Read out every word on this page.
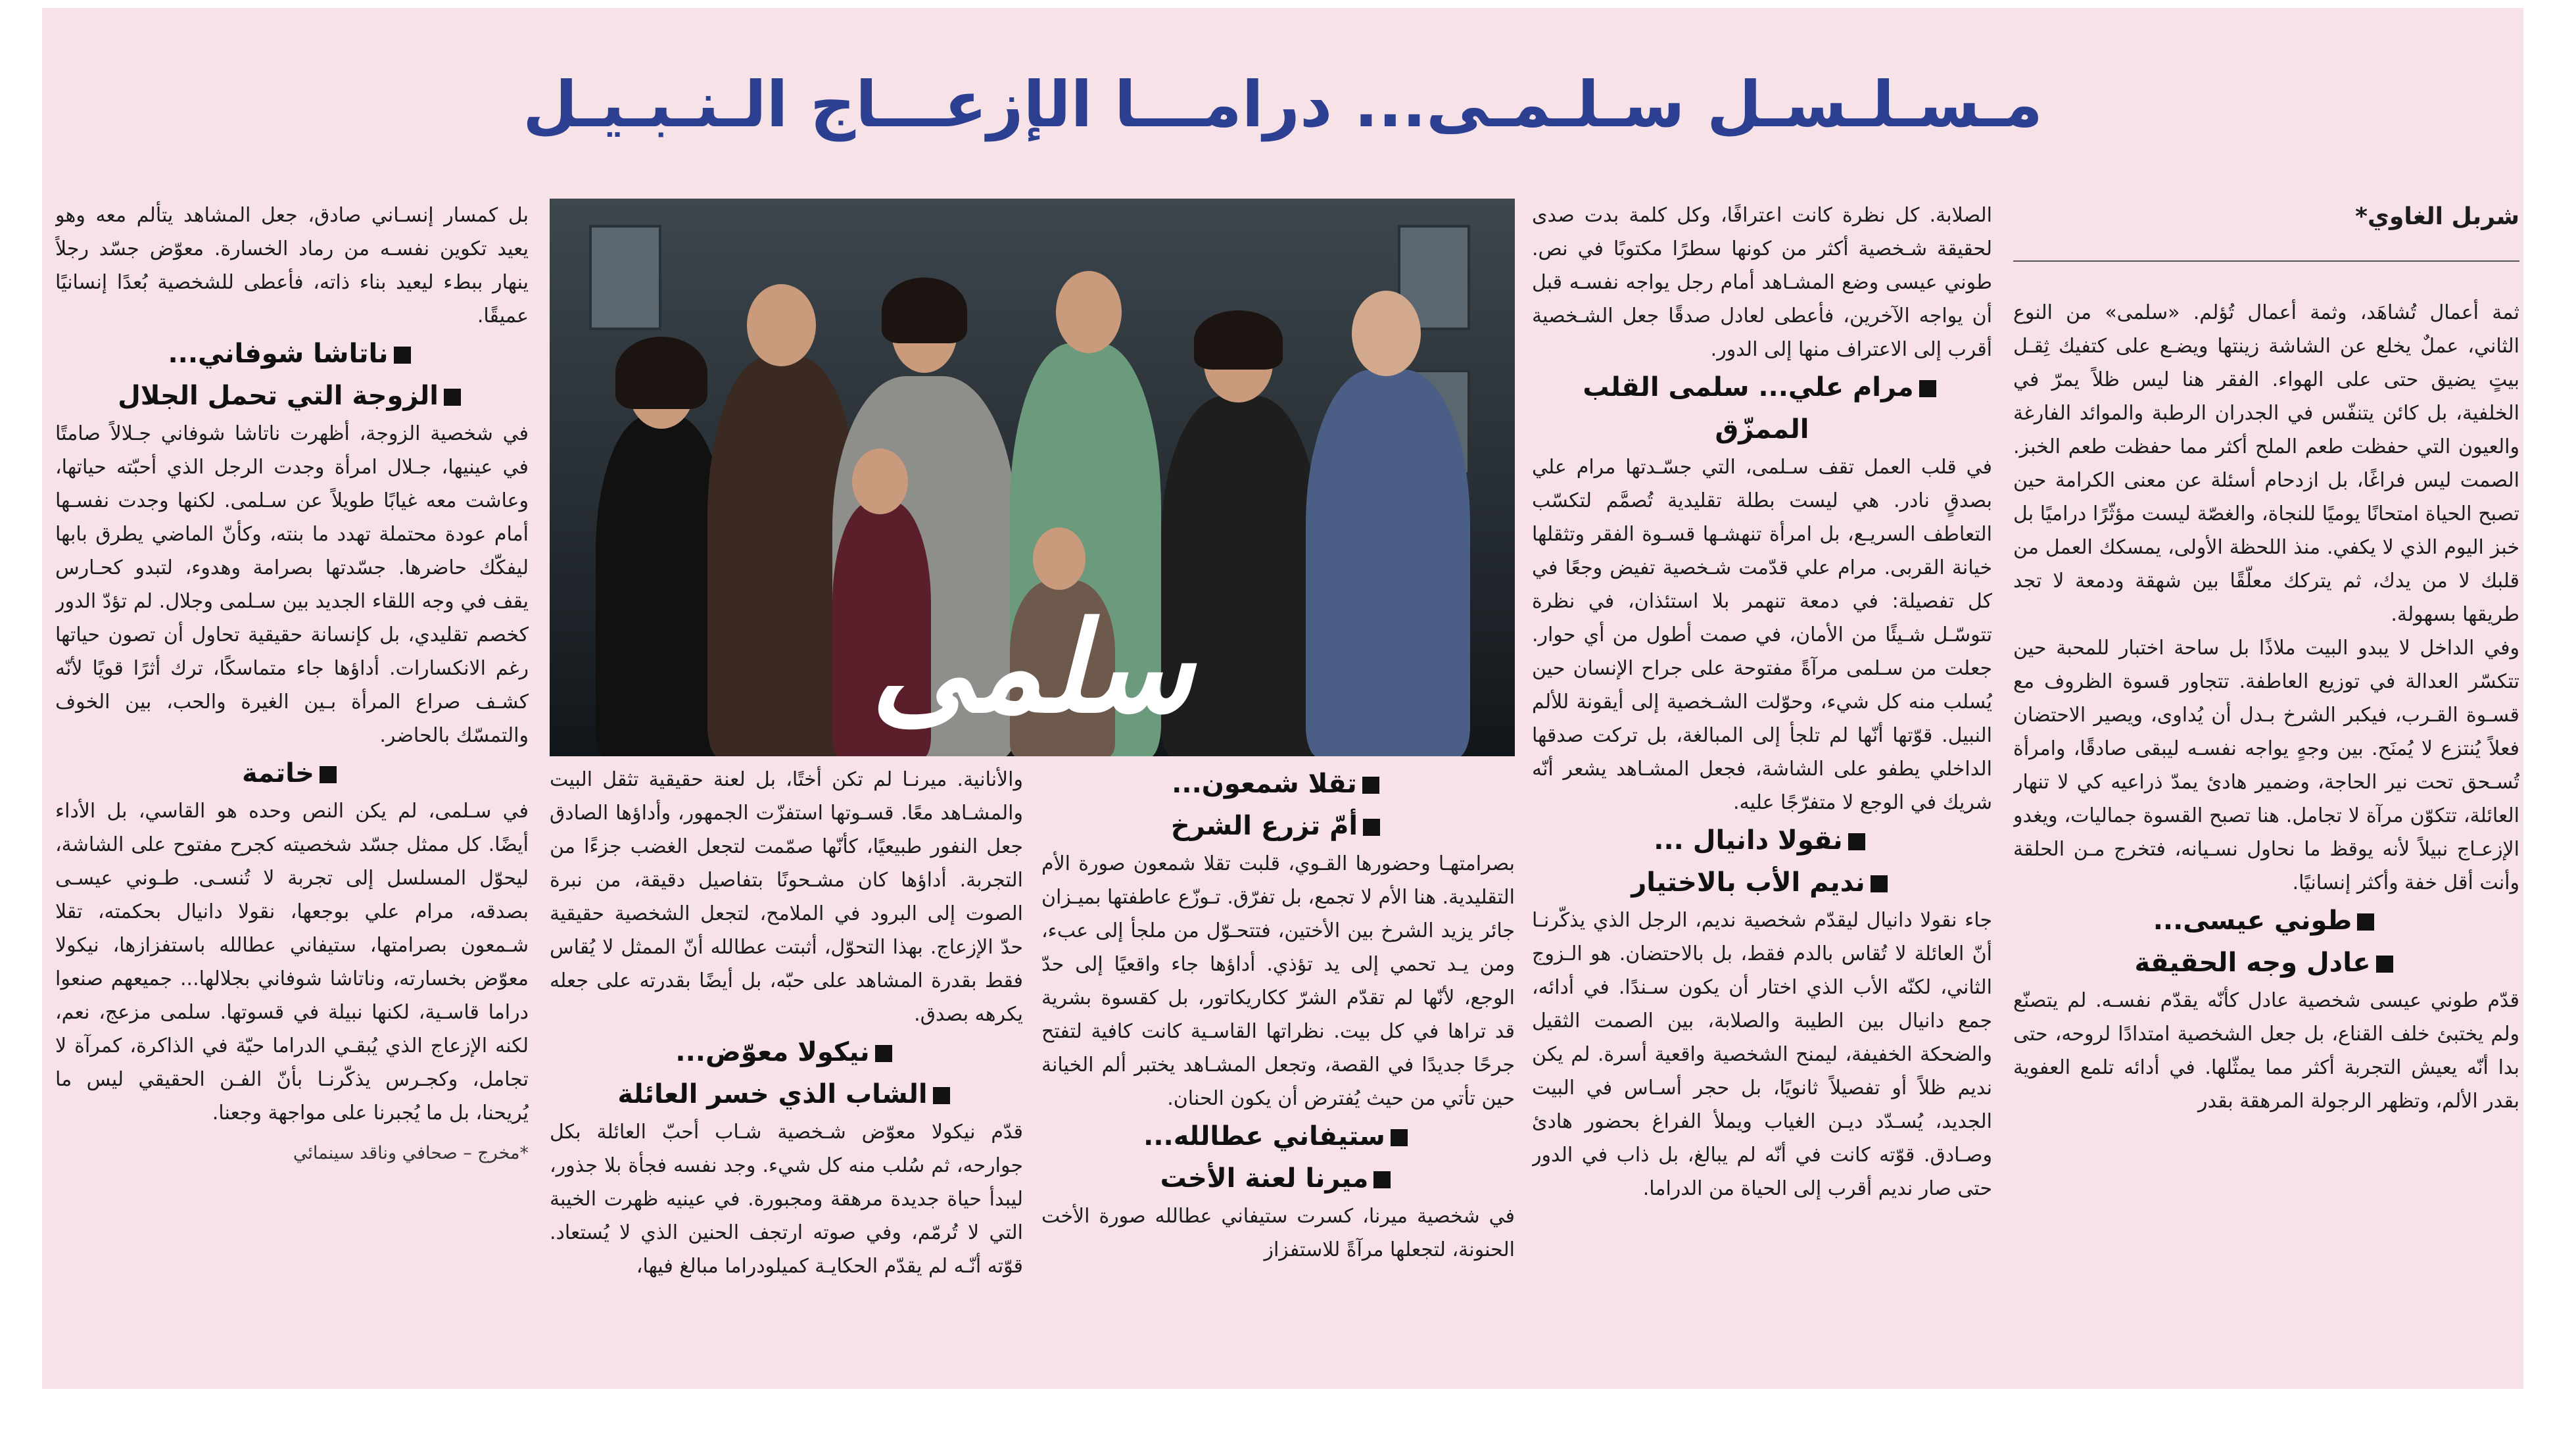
مـسـلـسـل سـلـمـى... درامـــا الإزعـــاج الـنـبـيـل
شربل الغاوي*

ثمة أعمال تُشاهَد، وثمة أعمال تُؤلم. «سلمى» من النوع الثاني، عملٌ يخلع عن الشاشة زينتها ويضـع على كتفيك ثِقـل بيتٍ يضيق حتى على الهواء. الفقر هنا ليس ظلاً يمرّ في الخلفية، بل كائن يتنفّس في الجدران الرطبة والموائد الفارغة والعيون التي حفظت طعم الملح أكثر مما حفظت طعم الخبز. الصمت ليس فراغًا، بل ازدحام أسئلة عن معنى الكرامة حين تصبح الحياة امتحانًا يوميًا للنجاة، والغصّة ليست مؤثّرًا دراميًا بل خبز اليوم الذي لا يكفي. منذ اللحظة الأولى، يمسكك العمل من قلبك لا من يدك، ثم يتركك معلّقًا بين شهقة ودمعة لا تجد طريقها بسهولة.

وفي الداخل لا يبدو البيت ملاذًا بل ساحة اختبار للمحبة حين تتكسّر العدالة في توزيع العاطفة. تتجاور قسوة الظروف مع قسـوة القـرب، فيكبر الشرخ بـدل أن يُداوى، ويصير الاحتضان فعلاً يُنتزع لا يُمنَح. بين وجهٍ يواجه نفسـه ليبقى صادقًا، وامرأة تُسـحق تحت نير الحاجة، وضمير هادئ يمدّ ذراعيه كي لا تنهار العائلة، تتكوّن مرآة لا تجامل. هنا تصبح القسوة جماليات، ويغدو الإزعـاج نبيلاً لأنه يوقظ ما نحاول نسـيانه، فتخرج مـن الحلقة وأنت أقل خفة وأكثر إنسانيًا.

طوني عيسى...
عادل وجه الحقيقة

قدّم طوني عيسى شخصية عادل كأنّه يقدّم نفسـه. لم يتصنّع ولم يختبئ خلف القناع، بل جعل الشخصية امتدادًا لروحه، حتى بدا أنّه يعيش التجربة أكثر مما يمثّلها. في أدائه تلمع العفوية بقدر الألم، وتظهر الرجولة المرهقة بقدر

الصلابة. كل نظرة كانت اعترافًا، وكل كلمة بدت صدى لحقيقة شـخصية أكثر من كونها سطرًا مكتوبًا في نص. طوني عيسى وضع المشـاهد أمام رجل يواجه نفسـه قبل أن يواجه الآخرين، فأعطى لعادل صدقًا جعل الشـخصية أقرب إلى الاعتراف منها إلى الدور.

مرام علي... سلمى القلب الممزّق

في قلب العمل تقف سـلمى، التي جسّـدتها مرام علي بصدقٍ نادر. هي ليست بطلة تقليدية تُصمَّم لتكسّب التعاطف السريـع، بل امرأة تنهشـها قسـوة الفقر وتثقلها خيانة القربى. مرام علي قدّمت شـخصية تفيض وجعًا في كل تفصيلة: في دمعة تنهمر بلا استئذان، في نظرة تتوسّـل شـيئًا من الأمان، في صمت أطول من أي حوار. جعلت من سـلمى مرآةً مفتوحة على جراح الإنسان حين يُسلب منه كل شيء، وحوّلت الشـخصية إلى أيقونة للألم النبيل. قوّتها أنّها لم تلجأ إلى المبالغة، بل تركت صدقها الداخلي يطفو على الشاشة، فجعل المشـاهد يشعر أنّه شريك في الوجع لا متفرّجًا عليه.

نقولا دانيال ...
نديم الأب بالاختيار

جاء نقولا دانيال ليقدّم شخصية نديم، الرجل الذي يذكّرنـا أنّ العائلة لا تُقاس بالدم فقط، بل بالاحتضان. هو الـزوج الثاني، لكنّه الأب الذي اختار أن يكون سـندًا. في أدائه، جمع دانيال بين الطيبة والصلابة، بين الصمت الثقيل والضحكة الخفيفة، ليمنح الشخصية واقعية أسرة. لم يكن نديم ظلاً أو تفصيلاً ثانويًا، بل حجر أسـاس في البيت الجديد، يُسـدّد ديـن الغياب ويملأ الفراغ بحضور هادئ وصـادق. قوّته كانت في أنّه لم يبالغ، بل ذاب في الدور حتى صار نديم أقرب إلى الحياة من الدراما.

سلمى
تقلا شمعون...
أمّ تزرع الشرخ

بصرامتهـا وحضورها القـوي، قلبت تقلا شمعون صورة الأم التقليدية. هنا الأم لا تجمع، بل تفرّق. تـوزّع عاطفتها بميـزان جائر يزيد الشرخ بين الأختين، فتتحـوّل من ملجأ إلى عبء، ومن يـد تحمي إلى يد تؤذي. أداؤها جاء واقعيًا إلى حدّ الوجع، لأنّها لم تقدّم الشرّ ككاريكاتور، بل كقسوة بشرية قد تراها في كل بيت. نظراتها القاسـية كانت كافية لتفتح جرحًا جديدًا في القصة، وتجعل المشـاهد يختبر ألم الخيانة حين تأتي من حيث يُفترض أن يكون الحنان.

ستيفاني عطالله...
ميرنا لعنة الأخت

في شخصية ميرنا، كسرت ستيفاني عطالله صورة الأخت الحنونة، لتجعلها مرآةً للاستفزاز

والأنانية. ميرنـا لم تكن أختًا، بل لعنة حقيقية تثقل البيت والمشـاهد معًا. قسـوتها استفزّت الجمهور، وأداؤها الصادق جعل النفور طبيعيًا، كأنّها صمّمت لتجعل الغضب جزءًا من التجربة. أداؤها كان مشـحونًا بتفاصيل دقيقة، من نبرة الصوت إلى البرود في الملامح، لتجعل الشخصية حقيقية حدّ الإزعاج. بهذا التحوّل، أثبتت عطالله أنّ الممثل لا يُقاس فقط بقدرة المشاهد على حبّه، بل أيضًا بقدرته على جعله يكرهه بصدق.

نيكولا معوّض...
الشاب الذي خسر العائلة

قدّم نيكولا معوّض شـخصية شـاب أحبّ العائلة بكل جوارحه، ثم سُلب منه كل شيء. وجد نفسه فجأة بلا جذور، ليبدأ حياة جديدة مرهقة ومجبورة. في عينيه ظهرت الخيبة التي لا تُرمّم، وفي صوته ارتجف الحنين الذي لا يُستعاد. قوّته أنّـه لم يقدّم الحكايـة كميلودراما مبالغ فيها،

بل كمسار إنسـاني صادق، جعل المشاهد يتألم معه وهو يعيد تكوين نفسـه من رماد الخسارة. معوّض جسّد رجلاً ينهار ببطء ليعيد بناء ذاته، فأعطى للشخصية بُعدًا إنسانيًا عميقًا.

ناتاشا شوفاني...
الزوجة التي تحمل الجلال

في شخصية الزوجة، أظهرت ناتاشا شوفاني جـلالاً صامتًا في عينيها، جـلال امرأة وجدت الرجل الذي أحبّته حياتها، وعاشت معه غيابًا طويلاً عن سـلمى. لكنها وجدت نفسـها أمام عودة محتملة تهدد ما بنته، وكأنّ الماضي يطرق بابها ليفكّك حاضرها. جسّدتها بصرامة وهدوء، لتبدو كحـارس يقف في وجه اللقاء الجديد بين سـلمى وجلال. لم تؤدّ الدور كخصم تقليدي، بل كإنسانة حقيقية تحاول أن تصون حياتها رغم الانكسارات. أداؤها جاء متماسكًا، ترك أثرًا قويًا لأنّه كشـف صراع المرأة بـين الغيرة والحب، بين الخوف والتمسّك بالحاضر.

خاتمة

في سـلمى، لم يكن النص وحده هو القاسي، بل الأداء أيضًا. كل ممثل جسّد شخصيته كجرح مفتوح على الشاشة، ليحوّل المسلسل إلى تجربة لا تُنسـى. طـوني عيسـى بصدقه، مرام علي بوجعها، نقولا دانيال بحكمته، تقلا شـمعون بصرامتها، ستيفاني عطالله باستفزازها، نيكولا معوّض بخسارته، وناتاشا شوفاني بجلالها... جميعهم صنعوا دراما قاسـية، لكنها نبيلة في قسوتها. سلمى مزعج، نعم، لكنه الإزعاج الذي يُبقـي الدراما حيّة في الذاكرة، كمرآة لا تجامل، وكجـرس يذكّرنـا بأنّ الفـن الحقيقي ليس ما يُريحنا، بل ما يُجبرنا على مواجهة وجعنا.

*مخرج – صحافي وناقد سينمائي
